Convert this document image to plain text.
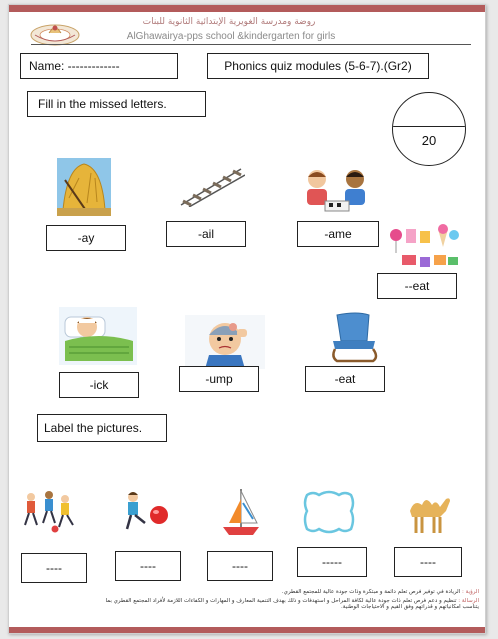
روضة ومدرسة الغويرية الإبتدائية الثانوية للبنات
AlGhawairya-pps school &kindergarten for girls
Name: -------------	Phonics quiz modules (5-6-7).(Gr2)
20
Fill in the missed letters.
-ay	-ail	-ame
--eat
-ick	-ump	-eat
Label the pictures.
----	----	----	-----	----
الرؤية : الريادة في توفير فرص تعلم دائمة و مبتكرة وذات جودة عالية للمجتمع القطري.
الرسالة : تنظيم و دعم فرص تعلم ذات جودة عالية لكافة المراحل و استهدفات و ذلك بهدف التنمية المعارف و المهارات و الكفاءات اللازمة لأفراد المجتمع القطري بما يتناسب امكانياتهم و قدراتهم وفق القيم و الاحتياجات الوطنية.
